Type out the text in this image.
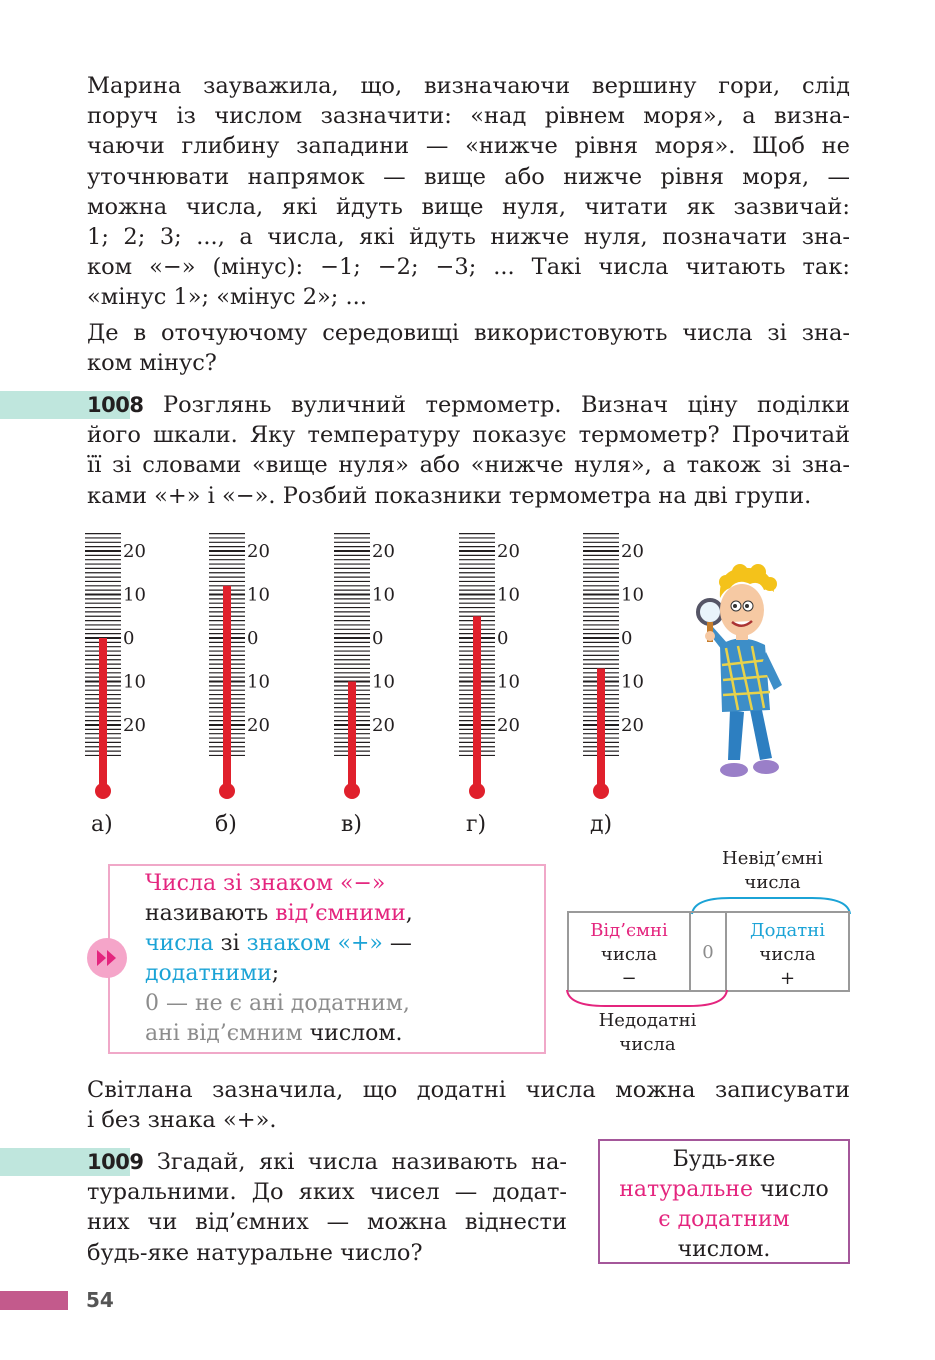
Марина зауважила, що, визначаючи вершину гори, слід
поруч із числом зазначити: «над рівнем моря», а визна-
чаючи глибину западини — «нижче рівня моря». Щоб не
уточнювати напрямок — вище або нижче рівня моря, —
можна числа, які йдуть вище нуля, читати як зазвичай:
1; 2; 3; ..., а числа, які йдуть нижче нуля, позначати зна-
ком «−» (мінус): −1; −2; −3; ... Такі числа читають так:
«мінус 1»; «мінус 2»; ...
Де в оточуючому середовищі використовують числа зі зна-
ком мінус?
1008 Розглянь вуличний термометр. Визнач ціну поділки
його шкали. Яку температуру показує термометр? Прочитай
її зі словами «вище нуля» або «нижче нуля», а також зі зна-
ками «+» і «−». Розбий показники термометра на дві групи.
20
10
0
10
20
20
10
0
10
20
20
10
0
10
20
20
10
0
10
20
20
10
0
10
20
а)	б)	в)	г)	д)
Числа зі знаком «−»
називають від’ємними,
числа зі знаком «+» —
додатними;
0 — не є ані додатним,
ані від’ємним числом.
Невід’ємні
числа
Від’ємні
числа
−
0
Додатні
числа
+
Недодатні
числа
Світлана зазначила, що додатні числа можна записувати
і без знака «+».
1009 Згадай, які числа називають на-
туральними. До яких чисел — додат-
них чи від’ємних — можна віднести
будь-яке натуральне число?
Будь-яке
натуральне число
є додатним
числом.
54
